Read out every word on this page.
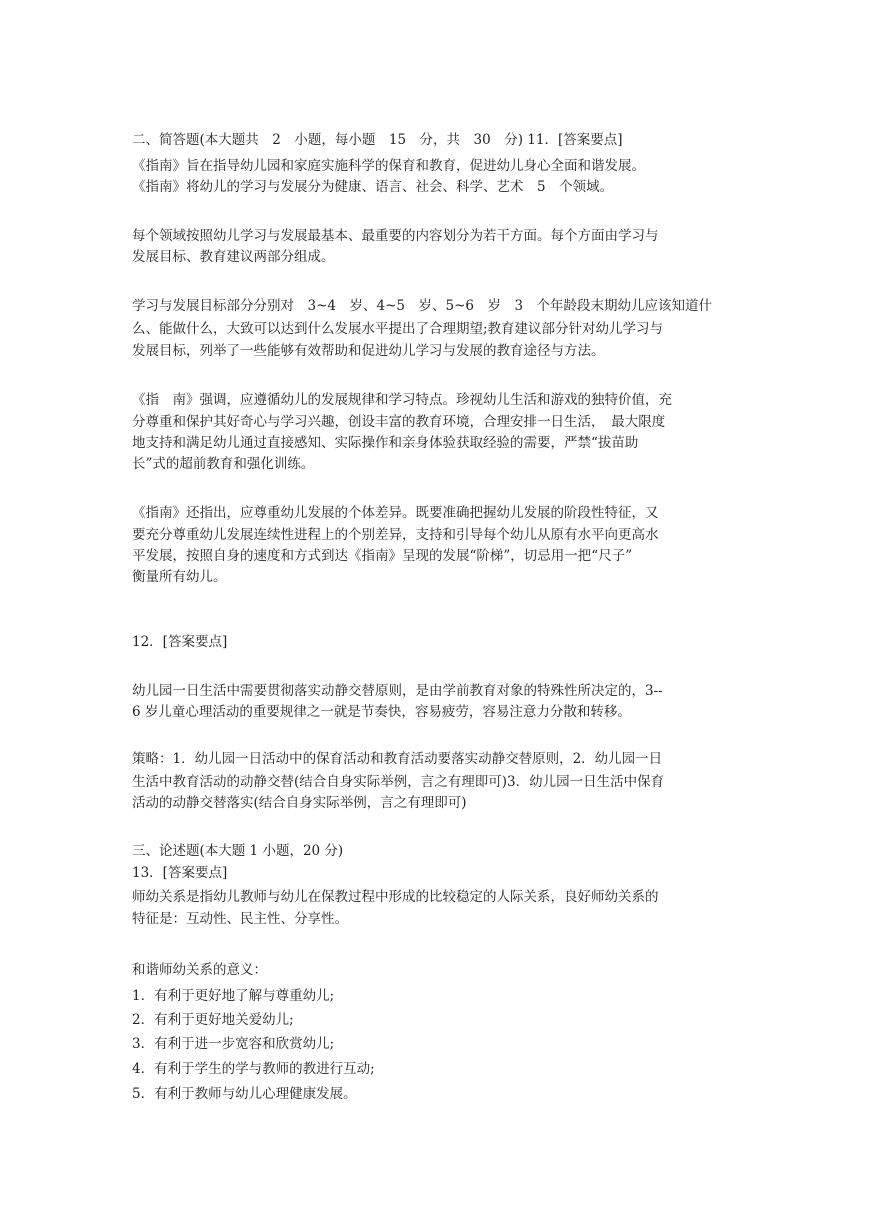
二、简答题(本大题共　2　小题，每小题　15　分，共　30　分) 11．[答案要点]
《指南》旨在指导幼儿园和家庭实施科学的保育和教育，促进幼儿身心全面和谐发展。
《指南》将幼儿的学习与发展分为健康、语言、社会、科学、艺术　5　个领域。
每个领域按照幼儿学习与发展最基本、最重要的内容划分为若干方面。每个方面由学习与
发展目标、教育建议两部分组成。
学习与发展目标部分分别对　3~4　岁、4~5　岁、5~6　岁　3　个年龄段末期幼儿应该知道什
么、能做什么，大致可以达到什么发展水平提出了合理期望;教育建议部分针对幼儿学习与
发展目标，列举了一些能够有效帮助和促进幼儿学习与发展的教育途径与方法。
《指　南》强调，应遵循幼儿的发展规律和学习特点。珍视幼儿生活和游戏的独特价值，充
分尊重和保护其好奇心与学习兴趣，创设丰富的教育环境，合理安排一日生活，　最大限度
地支持和满足幼儿通过直接感知、实际操作和亲身体验获取经验的需要，严禁“拔苗助
长”式的超前教育和强化训练。
《指南》还指出，应尊重幼儿发展的个体差异。既要准确把握幼儿发展的阶段性特征，又
要充分尊重幼儿发展连续性进程上的个别差异，支持和引导每个幼儿从原有水平向更高水
平发展，按照自身的速度和方式到达《指南》呈现的发展“阶梯”，切忌用一把“尺子”
衡量所有幼儿。
12．[答案要点]
幼儿园一日生活中需要贯彻落实动静交替原则，是由学前教育对象的特殊性所决定的，3--
6 岁儿童心理活动的重要规律之一就是节奏快，容易疲劳，容易注意力分散和转移。
策略：1．幼儿园一日活动中的保育活动和教育活动要落实动静交替原则，2．幼儿园一日
生活中教育活动的动静交替(结合自身实际举例，言之有理即可)3．幼儿园一日生活中保育
活动的动静交替落实(结合自身实际举例，言之有理即可)
三、论述题(本大题 1 小题，20 分)
13．[答案要点]
师幼关系是指幼儿教师与幼儿在保教过程中形成的比较稳定的人际关系，良好师幼关系的
特征是：互动性、民主性、分享性。
和谐师幼关系的意义：
1．有利于更好地了解与尊重幼儿;
2．有利于更好地关爱幼儿;
3．有利于进一步宽容和欣赏幼儿;
4．有利于学生的学与教师的教进行互动;
5．有利于教师与幼儿心理健康发展。
